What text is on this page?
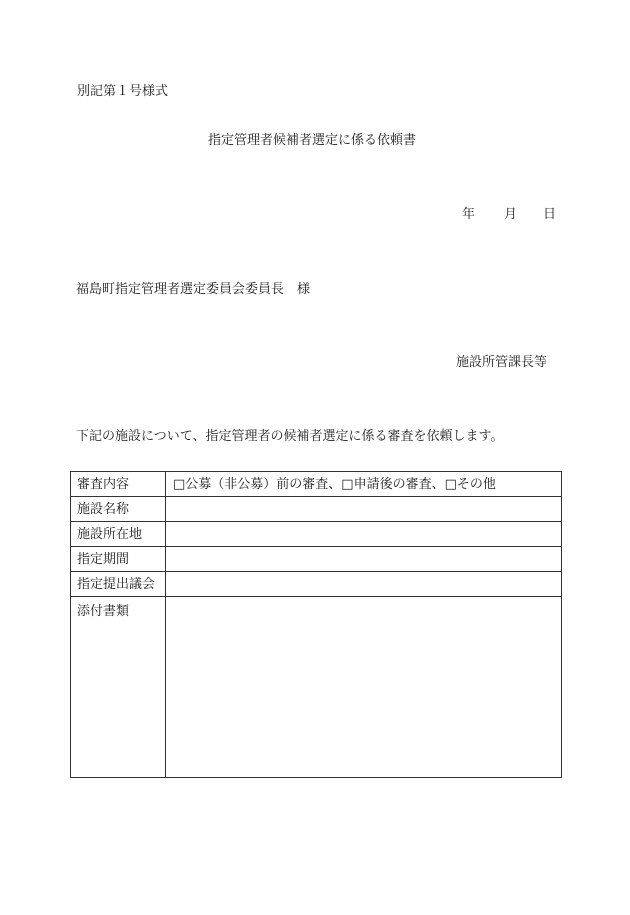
別記第１号様式
指定管理者候補者選定に係る依頼書
年 月 日
福島町指定管理者選定委員会委員長　様
施設所管課長等
下記の施設について、指定管理者の候補者選定に係る審査を依頼します。
審査内容	□公募（非公募）前の審査、□申請後の審査、□その他
施設名称	
施設所在地	
指定期間	
指定提出議会	
添付書類	
